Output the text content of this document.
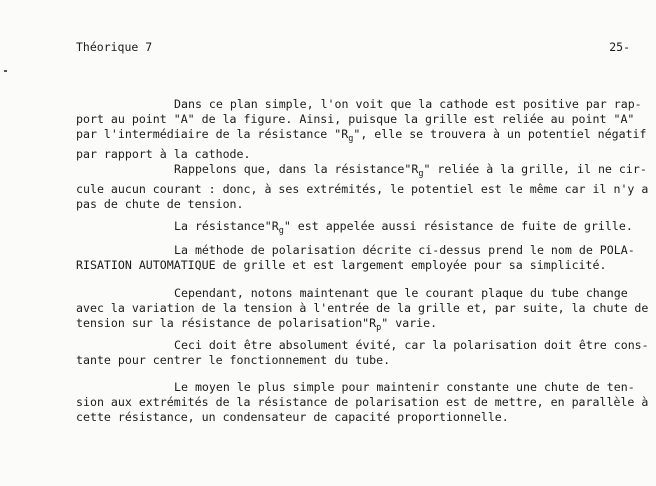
Théorique 7	25-
Dans ce plan simple, l'on voit que la cathode est positive par rap-
port au point "A" de la figure. Ainsi, puisque la grille est reliée au point "A"
par l'intermédiaire de la résistance "$R_g$", elle se trouvera à un potentiel négatif
par rapport à la cathode.
Rappelons que, dans la $résistance"R_g$" reliée à la grille, il ne cir-
cule aucun courant : donc, à ses extrémités, le potentiel est le même car il n'y a
pas de chute de tension.
La $résistance"R_g$" est appelée aussi résistance de fuite de grille.
La méthode de polarisation décrite ci-dessus prend le nom de POLA-
RISATION AUTOMATIQUE de grille et est largement employée pour sa simplicité.
Cependant, notons maintenant que le courant plaque du tube change
avec la variation de la tension à l'entrée de la grille et, par suite, la chute de
tension sur la résistance de $polarisation"R_p$" varie.
Ceci doit être absolument évité, car la polarisation doit être cons-
tante pour centrer le fonctionnement du tube.
Le moyen le plus simple pour maintenir constante une chute de ten-
sion aux extrémités de la résistance de polarisation est de mettre, en parallèle à
cette résistance, un condensateur de capacité proportionnelle.
